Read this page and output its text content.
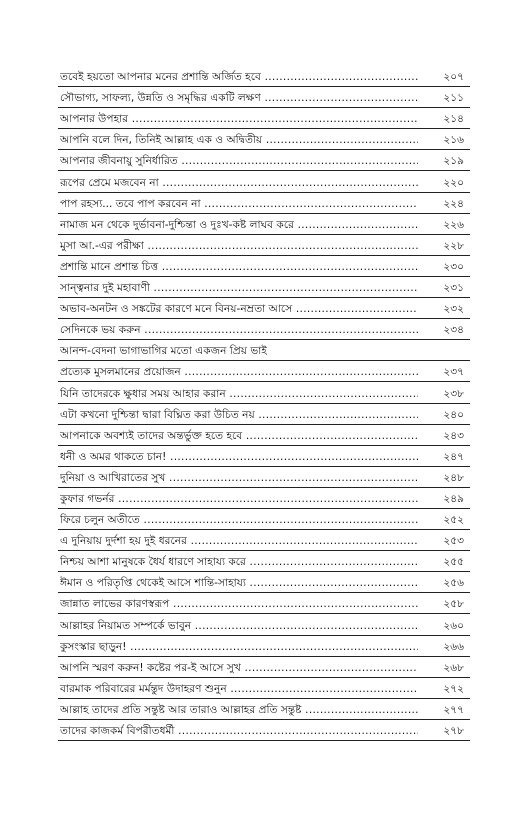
তবেই হয়তো আপনার মনের প্রশান্তি অর্জিত হবে .....	২০৭
সৌভাগ্য, সাফল্য, উন্নতি ও সমৃদ্ধির একটি লক্ষণ .....	২১১
আপনার উপহার .....	২১৪
আপনি বলে দিন, তিনিই আল্লাহ এক ও অদ্বিতীয় .....	২১৬
আপনার জীবনায়ু সুনির্ধারিত .....	২১৯
রূপের প্রেমে মজবেন না .....	২২০
পাপ রহস্য... তবে পাপ করবেন না .....	২২৪
নামাজ মন থেকে দুর্ভাবনা-দুশ্চিন্তা ও দুঃখ-কষ্ট লাঘব করে .....	২২৬
মুসা আ.-এর পরীক্ষা .....	২২৮
প্রশান্তি মানে প্রশান্ত চিত্ত .....	২৩০
সান্ত্বনার দুই মহাবাণী .....	২৩১
অভাব-অনটন ও সঙ্কটের কারণে মনে বিনয়-নম্রতা আসে .....	২৩২
সেদিনকে ভয় করুন .....	২৩৪
আনন্দ-বেদনা ভাগাভাগির মতো একজন প্রিয় ভাই
প্রত্যেক মুসলমানের প্রয়োজন .....	২৩৭
যিনি তাদেরকে ক্ষুধার সময় আহার করান .....	২৩৮
এটা কখনো দুশ্চিন্তা দ্বারা বিঘ্নিত করা উচিত নয় .....	২৪০
আপনাকে অবশ্যই তাদের অন্তর্ভুক্ত হতে হবে .....	২৪৩
ধনী ও অমর থাকতে চান! .....	২৪৭
দুনিয়া ও আখিরাতের সুখ .....	২৪৮
কুফার গভর্নর .....	২৪৯
ফিরে চলুন অতীতে .....	২৫২
এ দুনিয়ায় দুর্দশা হয় দুই ধরনের .....	২৫৩
নিশ্চয় আশা মানুষকে ধৈর্য ধারণে সাহায্য করে .....	২৫৫
ঈমান ও পরিতৃপ্তি থেকেই আসে শান্তি-সাহায্য .....	২৫৬
জান্নাত লাভের কারণস্বরূপ .....	২৫৮
আল্লাহর নিয়ামত সম্পর্কে ভাবুন .....	২৬০
কুসংস্কার ছাড়ুন! .....	২৬৬
আপনি স্মরণ করুন! কষ্টের পর-ই আসে সুখ .....	২৬৮
বারমাক পরিবারের মর্মন্তুদ উদাহরণ শুনুন .....	২৭২
আল্লাহ তাদের প্রতি সন্তুষ্ট আর তারাও আল্লাহর প্রতি সন্তুষ্ট .....	২৭৭
তাদের কাজকর্ম বিপরীতধর্মী .....	২৭৮
